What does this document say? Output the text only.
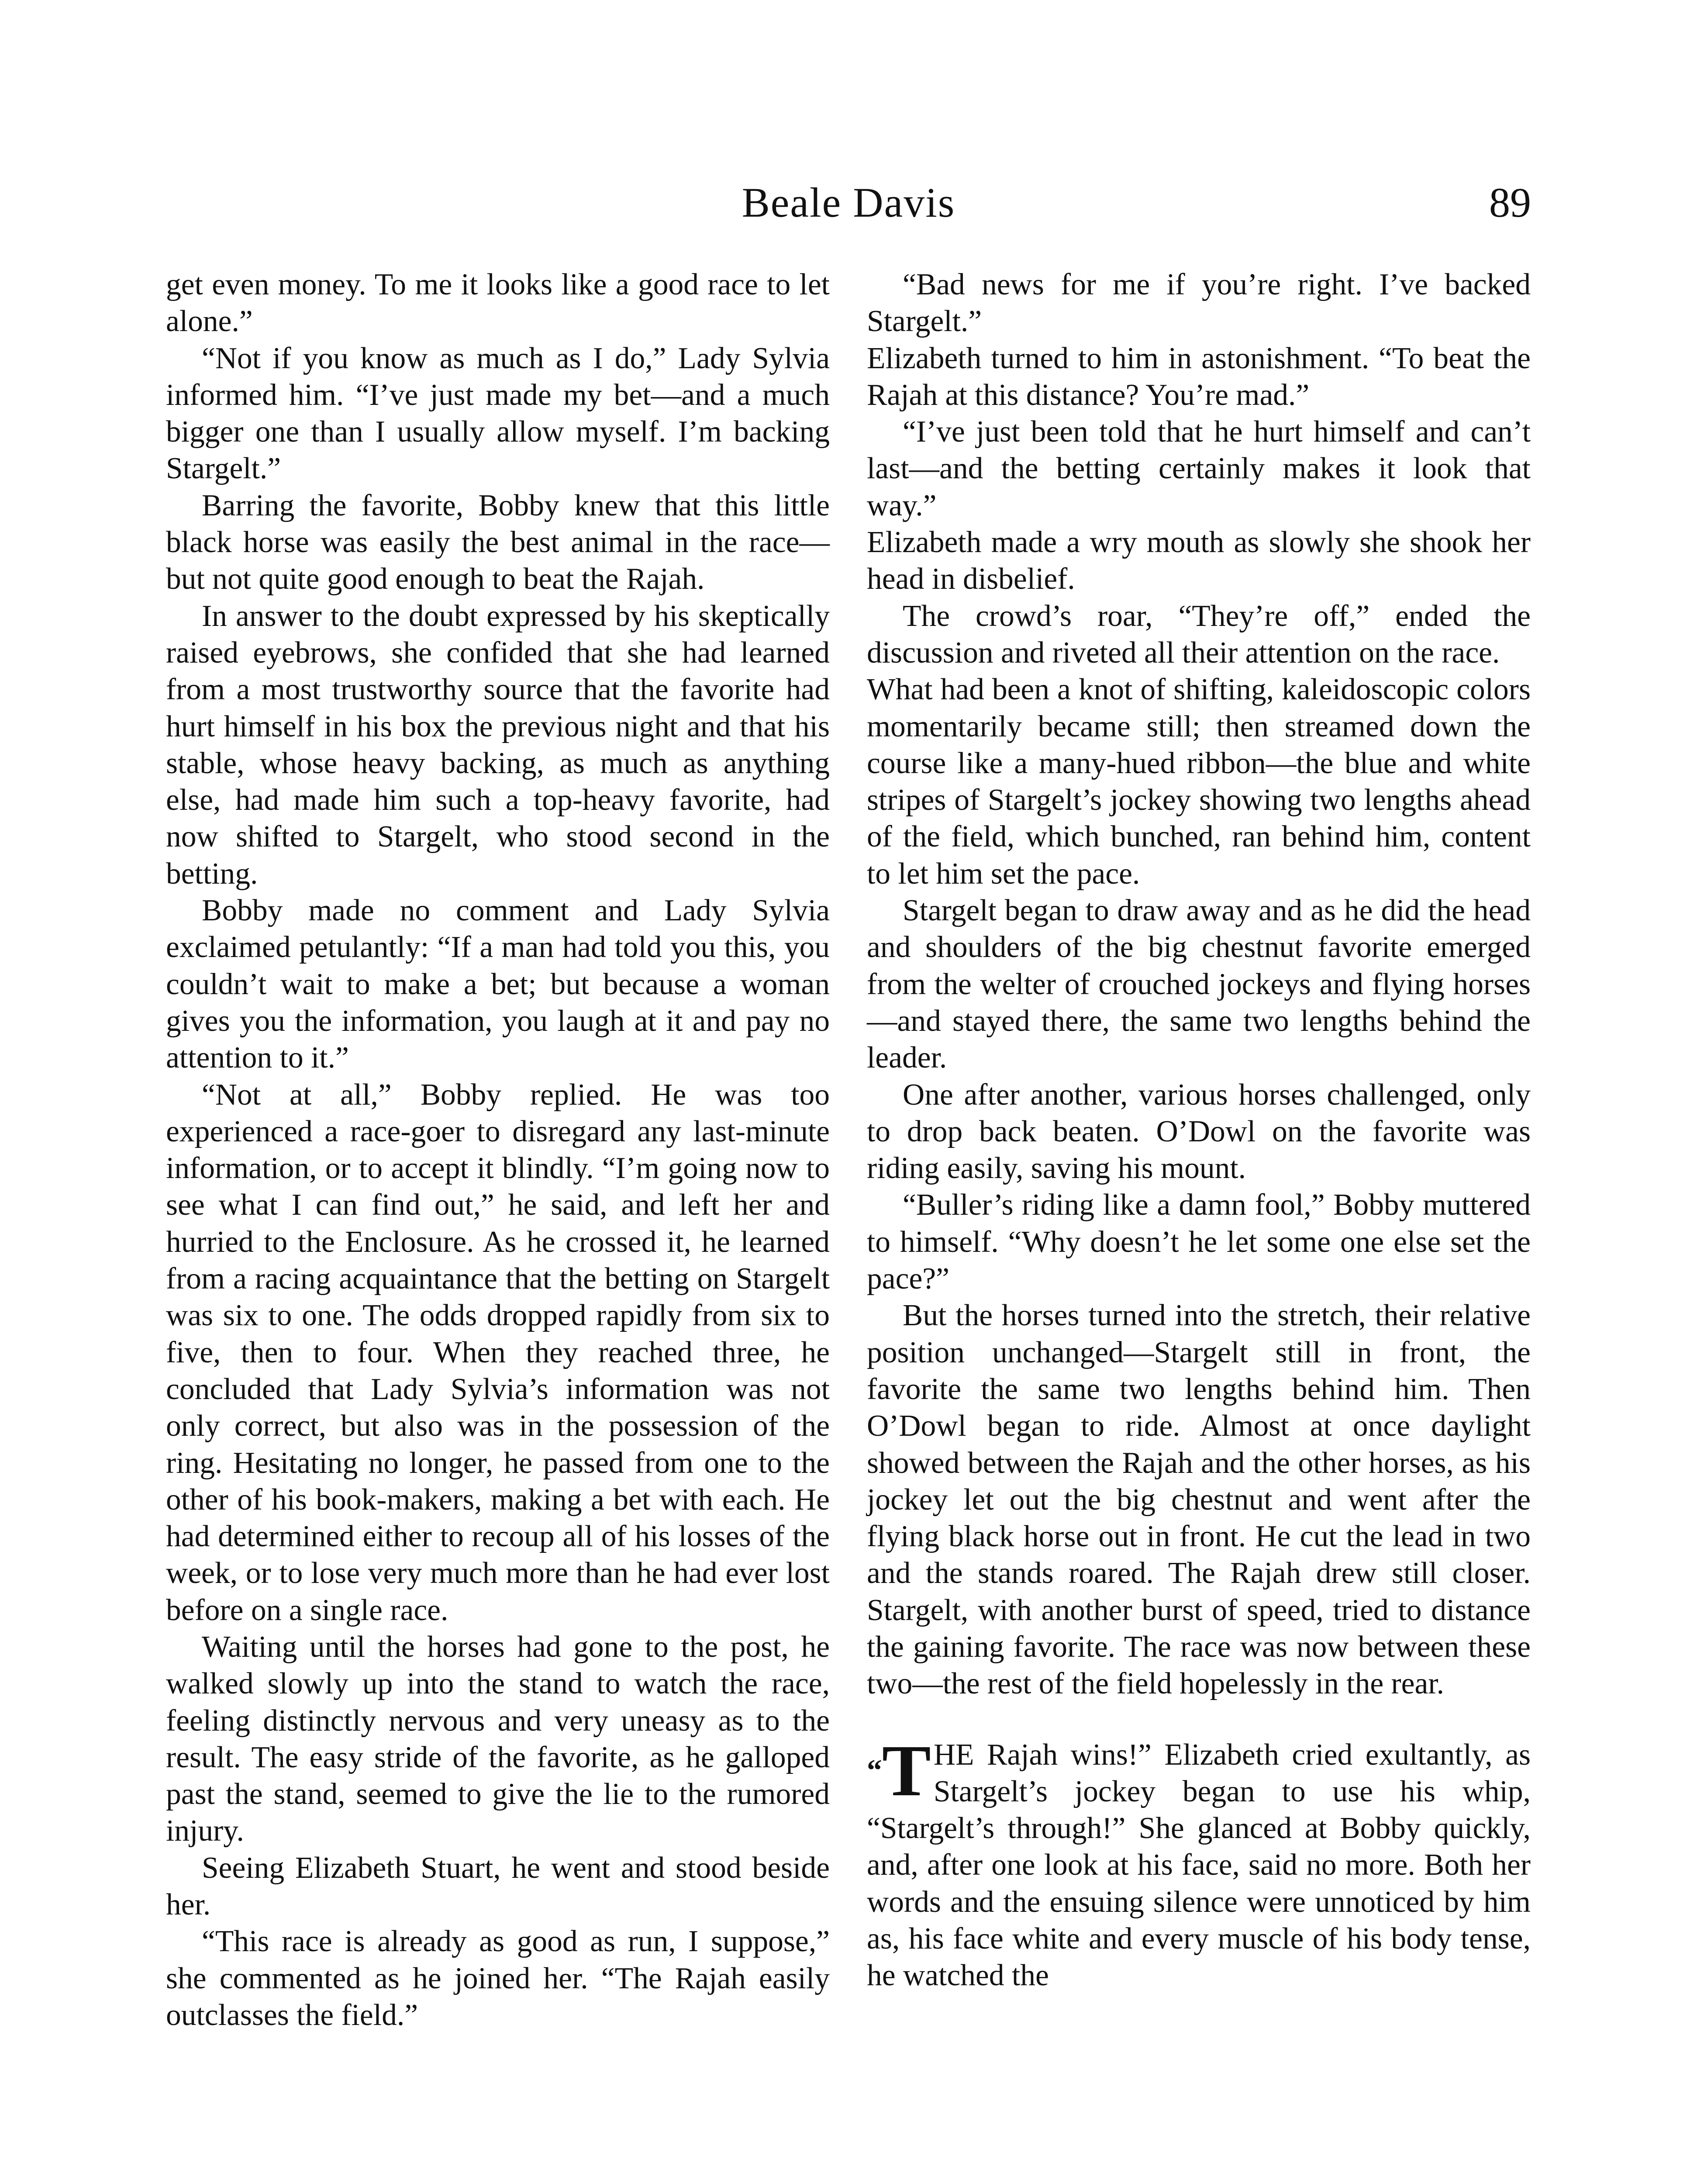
Beale Davis	89

get even money. To me it looks like a good race to let alone.”

“Not if you know as much as I do,” Lady Sylvia informed him. “I’ve just made my bet—and a much bigger one than I usually allow myself. I’m backing Stargelt.”

Barring the favorite, Bobby knew that this little black horse was easily the best animal in the race—but not quite good enough to beat the Rajah.

In answer to the doubt expressed by his skeptically raised eyebrows, she confided that she had learned from a most trustworthy source that the favorite had hurt himself in his box the previous night and that his stable, whose heavy backing, as much as anything else, had made him such a top-heavy favorite, had now shifted to Stargelt, who stood second in the betting.

Bobby made no comment and Lady Sylvia exclaimed petulantly: “If a man had told you this, you couldn’t wait to make a bet; but because a woman gives you the information, you laugh at it and pay no attention to it.”

“Not at all,” Bobby replied. He was too experienced a race-goer to disregard any last-minute information, or to accept it blindly. “I’m going now to see what I can find out,” he said, and left her and hurried to the Enclosure. As he crossed it, he learned from a racing acquaintance that the betting on Stargelt was six to one. The odds dropped rapidly from six to five, then to four. When they reached three, he concluded that Lady Sylvia’s information was not only correct, but also was in the possession of the ring. Hesitating no longer, he passed from one to the other of his book-makers, making a bet with each. He had determined either to recoup all of his losses of the week, or to lose very much more than he had ever lost before on a single race.

Waiting until the horses had gone to the post, he walked slowly up into the stand to watch the race, feeling distinctly nervous and very uneasy as to the result. The easy stride of the favorite, as he galloped past the stand, seemed to give the lie to the rumored injury.

Seeing Elizabeth Stuart, he went and stood beside her.

“This race is already as good as run, I suppose,” she commented as he joined her. “The Rajah easily outclasses the field.”

“Bad news for me if you’re right. I’ve backed Stargelt.”

Elizabeth turned to him in astonishment. “To beat the Rajah at this distance? You’re mad.”

“I’ve just been told that he hurt himself and can’t last—and the betting certainly makes it look that way.”

Elizabeth made a wry mouth as slowly she shook her head in disbelief.

The crowd’s roar, “They’re off,” ended the discussion and riveted all their attention on the race.

What had been a knot of shifting, kaleidoscopic colors momentarily became still; then streamed down the course like a many-hued ribbon—the blue and white stripes of Stargelt’s jockey showing two lengths ahead of the field, which bunched, ran behind him, content to let him set the pace.

Stargelt began to draw away and as he did the head and shoulders of the big chestnut favorite emerged from the welter of crouched jockeys and flying horses—and stayed there, the same two lengths behind the leader.

One after another, various horses challenged, only to drop back beaten. O’Dowl on the favorite was riding easily, saving his mount.

“Buller’s riding like a damn fool,” Bobby muttered to himself. “Why doesn’t he let some one else set the pace?”

But the horses turned into the stretch, their relative position unchanged—Stargelt still in front, the favorite the same two lengths behind him. Then O’Dowl began to ride. Almost at once daylight showed between the Rajah and the other horses, as his jockey let out the big chestnut and went after the flying black horse out in front. He cut the lead in two and the stands roared. The Rajah drew still closer. Stargelt, with another burst of speed, tried to distance the gaining favorite. The race was now between these two—the rest of the field hopelessly in the rear.

“T HE Rajah wins!” Elizabeth cried exultantly, as Stargelt’s jockey began to use his whip, “Stargelt’s through!” She glanced at Bobby quickly, and, after one look at his face, said no more. Both her words and the ensuing silence were unnoticed by him as, his face white and every muscle of his body tense, he watched the
